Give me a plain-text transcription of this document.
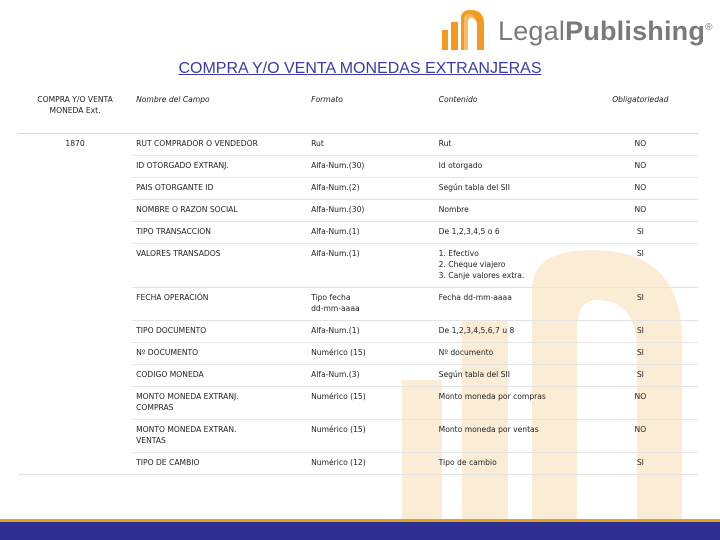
LegalPublishing®
COMPRA Y/O VENTA MONEDAS EXTRANJERAS
COMPRA Y/O VENTA MONEDA Ext.	Nombre del Campo	Formato	Contenido	Obligatoriedad
1870	RUT COMPRADOR O VENDEDOR	Rut	Rut	NO
	ID OTORGADO EXTRANJ.	Alfa-Num.(30)	Id otorgado	NO
	PAIS OTORGANTE ID	Alfa-Num.(2)	Según tabla del SII	NO
	NOMBRE O RAZON SOCIAL	Alfa-Num.(30)	Nombre	NO
	TIPO TRANSACCION	Alfa-Num.(1)	De 1,2,3,4,5 o 6	SI
	VALORES TRANSADOS	Alfa-Num.(1)	1. Efectivo
2. Cheque viajero
3. Canje valores extra.	SI
	FECHA OPERACIÓN	Tipo fecha
dd-mm-aaaa	Fecha dd-mm-aaaa	SI
	TIPO DOCUMENTO	Alfa-Num.(1)	De 1,2,3,4,5,6,7 u 8	SI
	Nº DOCUMENTO	Numérico (15)	Nº documento	SI
	CODIGO MONEDA	Alfa-Num.(3)	Según tabla del SII	SI
	MONTO MONEDA EXTRANJ.
COMPRAS	Numérico (15)	Monto moneda por compras	NO
	MONTO MONEDA EXTRAN.
VENTAS	Numérico (15)	Monto moneda por ventas	NO
	TIPO DE CAMBIO	Numérico (12)	Tipo de cambio	SI
